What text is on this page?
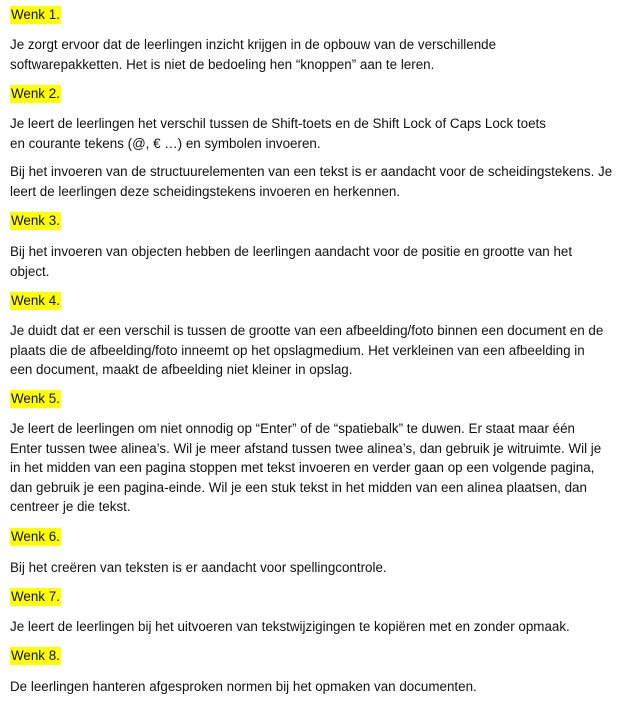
Wenk 1.
Je zorgt ervoor dat de leerlingen inzicht krijgen in de opbouw van de verschillende
softwarepakketten. Het is niet de bedoeling hen “knoppen” aan te leren.
Wenk 2.
Je leert de leerlingen het verschil tussen de Shift-toets en de Shift Lock of Caps Lock toets
en courante tekens (@, € …) en symbolen invoeren.
Bij het invoeren van de structuurelementen van een tekst is er aandacht voor de scheidingstekens. Je
leert de leerlingen deze scheidingstekens invoeren en herkennen.
Wenk 3.
Bij het invoeren van objecten hebben de leerlingen aandacht voor de positie en grootte van het
object.
Wenk 4.
Je duidt dat er een verschil is tussen de grootte van een afbeelding/foto binnen een document en de
plaats die de afbeelding/foto inneemt op het opslagmedium. Het verkleinen van een afbeelding in
een document, maakt de afbeelding niet kleiner in opslag.
Wenk 5.
Je leert de leerlingen om niet onnodig op “Enter” of de “spatiebalk” te duwen. Er staat maar één
Enter tussen twee alinea’s. Wil je meer afstand tussen twee alinea’s, dan gebruik je witruimte. Wil je
in het midden van een pagina stoppen met tekst invoeren en verder gaan op een volgende pagina,
dan gebruik je een pagina-einde. Wil je een stuk tekst in het midden van een alinea plaatsen, dan
centreer je die tekst.
Wenk 6.
Bij het creëren van teksten is er aandacht voor spellingcontrole.
Wenk 7.
Je leert de leerlingen bij het uitvoeren van tekstwijzigingen te kopiëren met en zonder opmaak.
Wenk 8.
De leerlingen hanteren afgesproken normen bij het opmaken van documenten.
